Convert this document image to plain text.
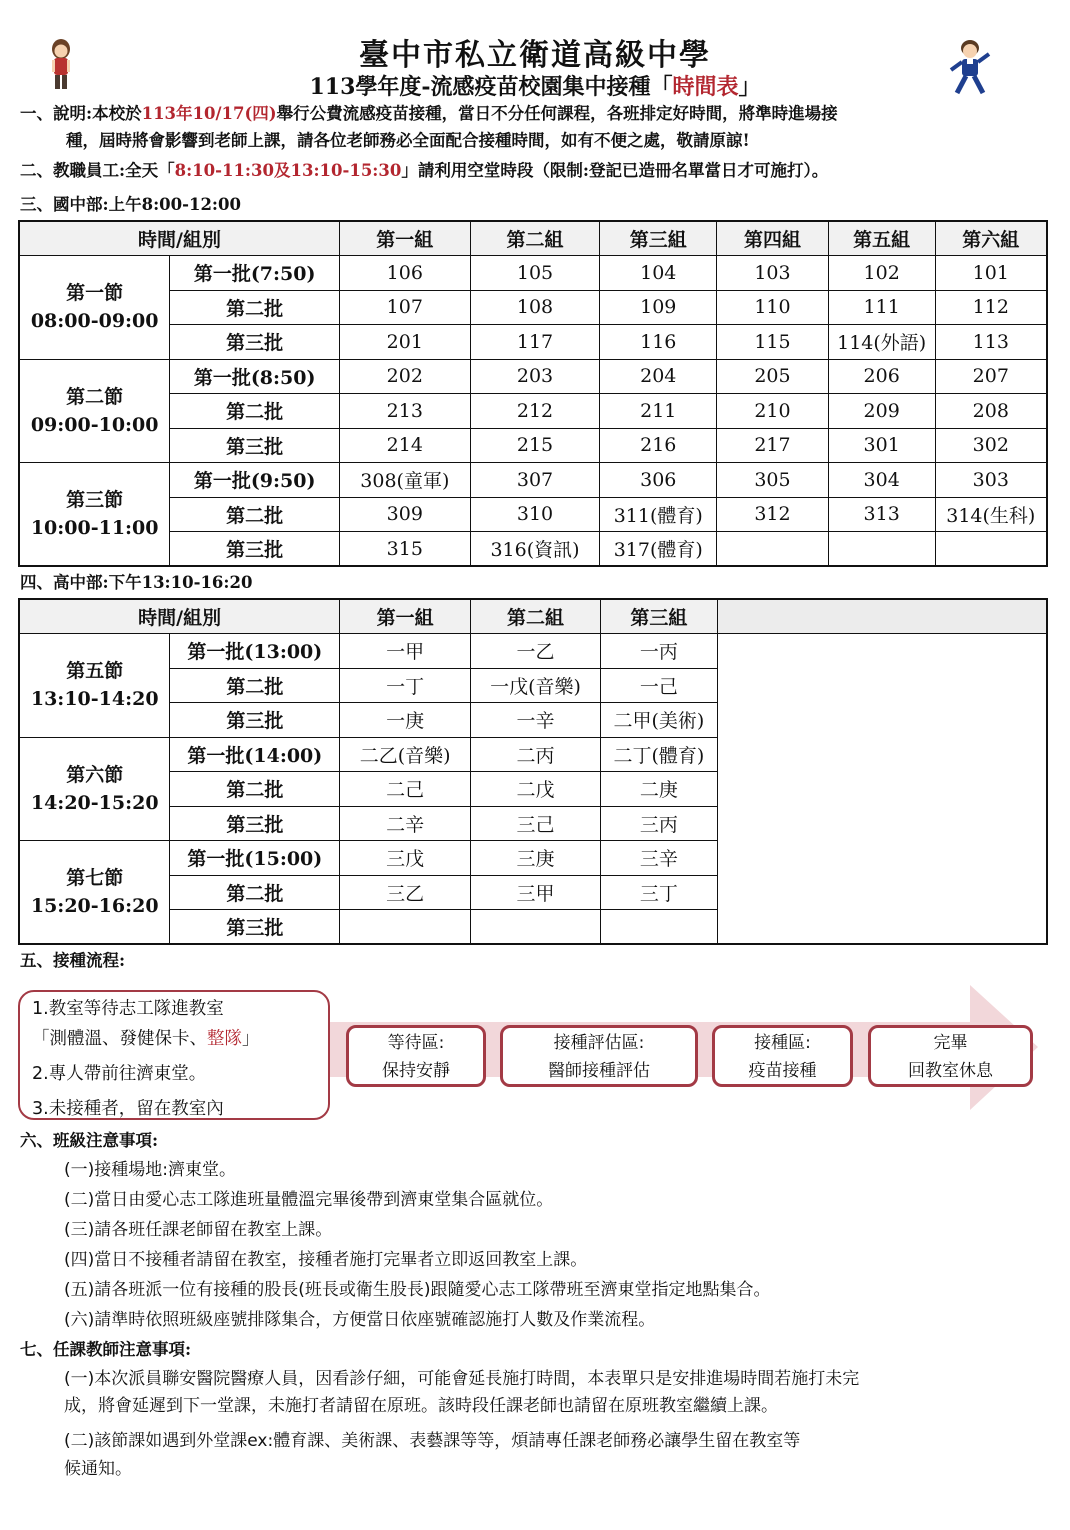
臺中市私立衛道高級中學
113學年度-流感疫苗校園集中接種「時間表」
一、說明:本校於113年10/17(四)舉行公費流感疫苗接種，當日不分任何課程，各班排定好時間，將準時進場接
種，屆時將會影響到老師上課，請各位老師務必全面配合接種時間，如有不便之處，敬請原諒!
二、教職員工:全天「8:10-11:30及13:10-15:30」請利用空堂時段（限制:登記已造冊名單當日才可施打）。
三、國中部:上午8:00-12:00
時間/組別		第一組	第二組	第三組	第四組	第五組	第六組
第一節
08:00-09:00	第一批(7:50)	106	105	104	103	102	101
	第二批	107	108	109	110	111	112
	第三批	201	117	116	115	114(外語)	113
第二節
09:00-10:00	第一批(8:50)	202	203	204	205	206	207
	第二批	213	212	211	210	209	208
	第三批	214	215	216	217	301	302
第三節
10:00-11:00	第一批(9:50)	308(童軍)	307	306	305	304	303
	第二批	309	310	311(體育)	312	313	314(生科)
	第三批	315	316(資訊)	317(體育)			
四、高中部:下午13:10-16:20
時間/組別		第一組	第二組	第三組	
第五節
13:10-14:20	第一批(13:00)	一甲	一乙	一丙	
	第二批	一丁	一戊(音樂)	一己	
	第三批	一庚	一辛	二甲(美術)	
第六節
14:20-15:20	第一批(14:00)	二乙(音樂)	二丙	二丁(體育)	
	第二批	二己	二戊	二庚	
	第三批	二辛	三己	三丙	
第七節
15:20-16:20	第一批(15:00)	三戊	三庚	三辛	
	第二批	三乙	三甲	三丁	
	第三批				
五、接種流程:
1.教室等待志工隊進教室
「測體溫、發健保卡、整隊」
2.專人帶前往濟東堂。
3.未接種者，留在教室內
等待區:
保持安靜
接種評估區:
醫師接種評估
接種區:
疫苗接種
完畢
回教室休息
六、班級注意事項:
(一)接種場地:濟東堂。
(二)當日由愛心志工隊進班量體溫完畢後帶到濟東堂集合區就位。
(三)請各班任課老師留在教室上課。
(四)當日不接種者請留在教室，接種者施打完畢者立即返回教室上課。
(五)請各班派一位有接種的股長(班長或衛生股長)跟隨愛心志工隊帶班至濟東堂指定地點集合。
(六)請準時依照班級座號排隊集合，方便當日依座號確認施打人數及作業流程。
七、任課教師注意事項:
(一)本次派員聯安醫院醫療人員，因看診仔細，可能會延長施打時間，本表單只是安排進場時間若施打未完
成，將會延遲到下一堂課，未施打者請留在原班。該時段任課老師也請留在原班教室繼續上課。
(二)該節課如遇到外堂課ex:體育課、美術課、表藝課等等，煩請專任課老師務必讓學生留在教室等
候通知。
